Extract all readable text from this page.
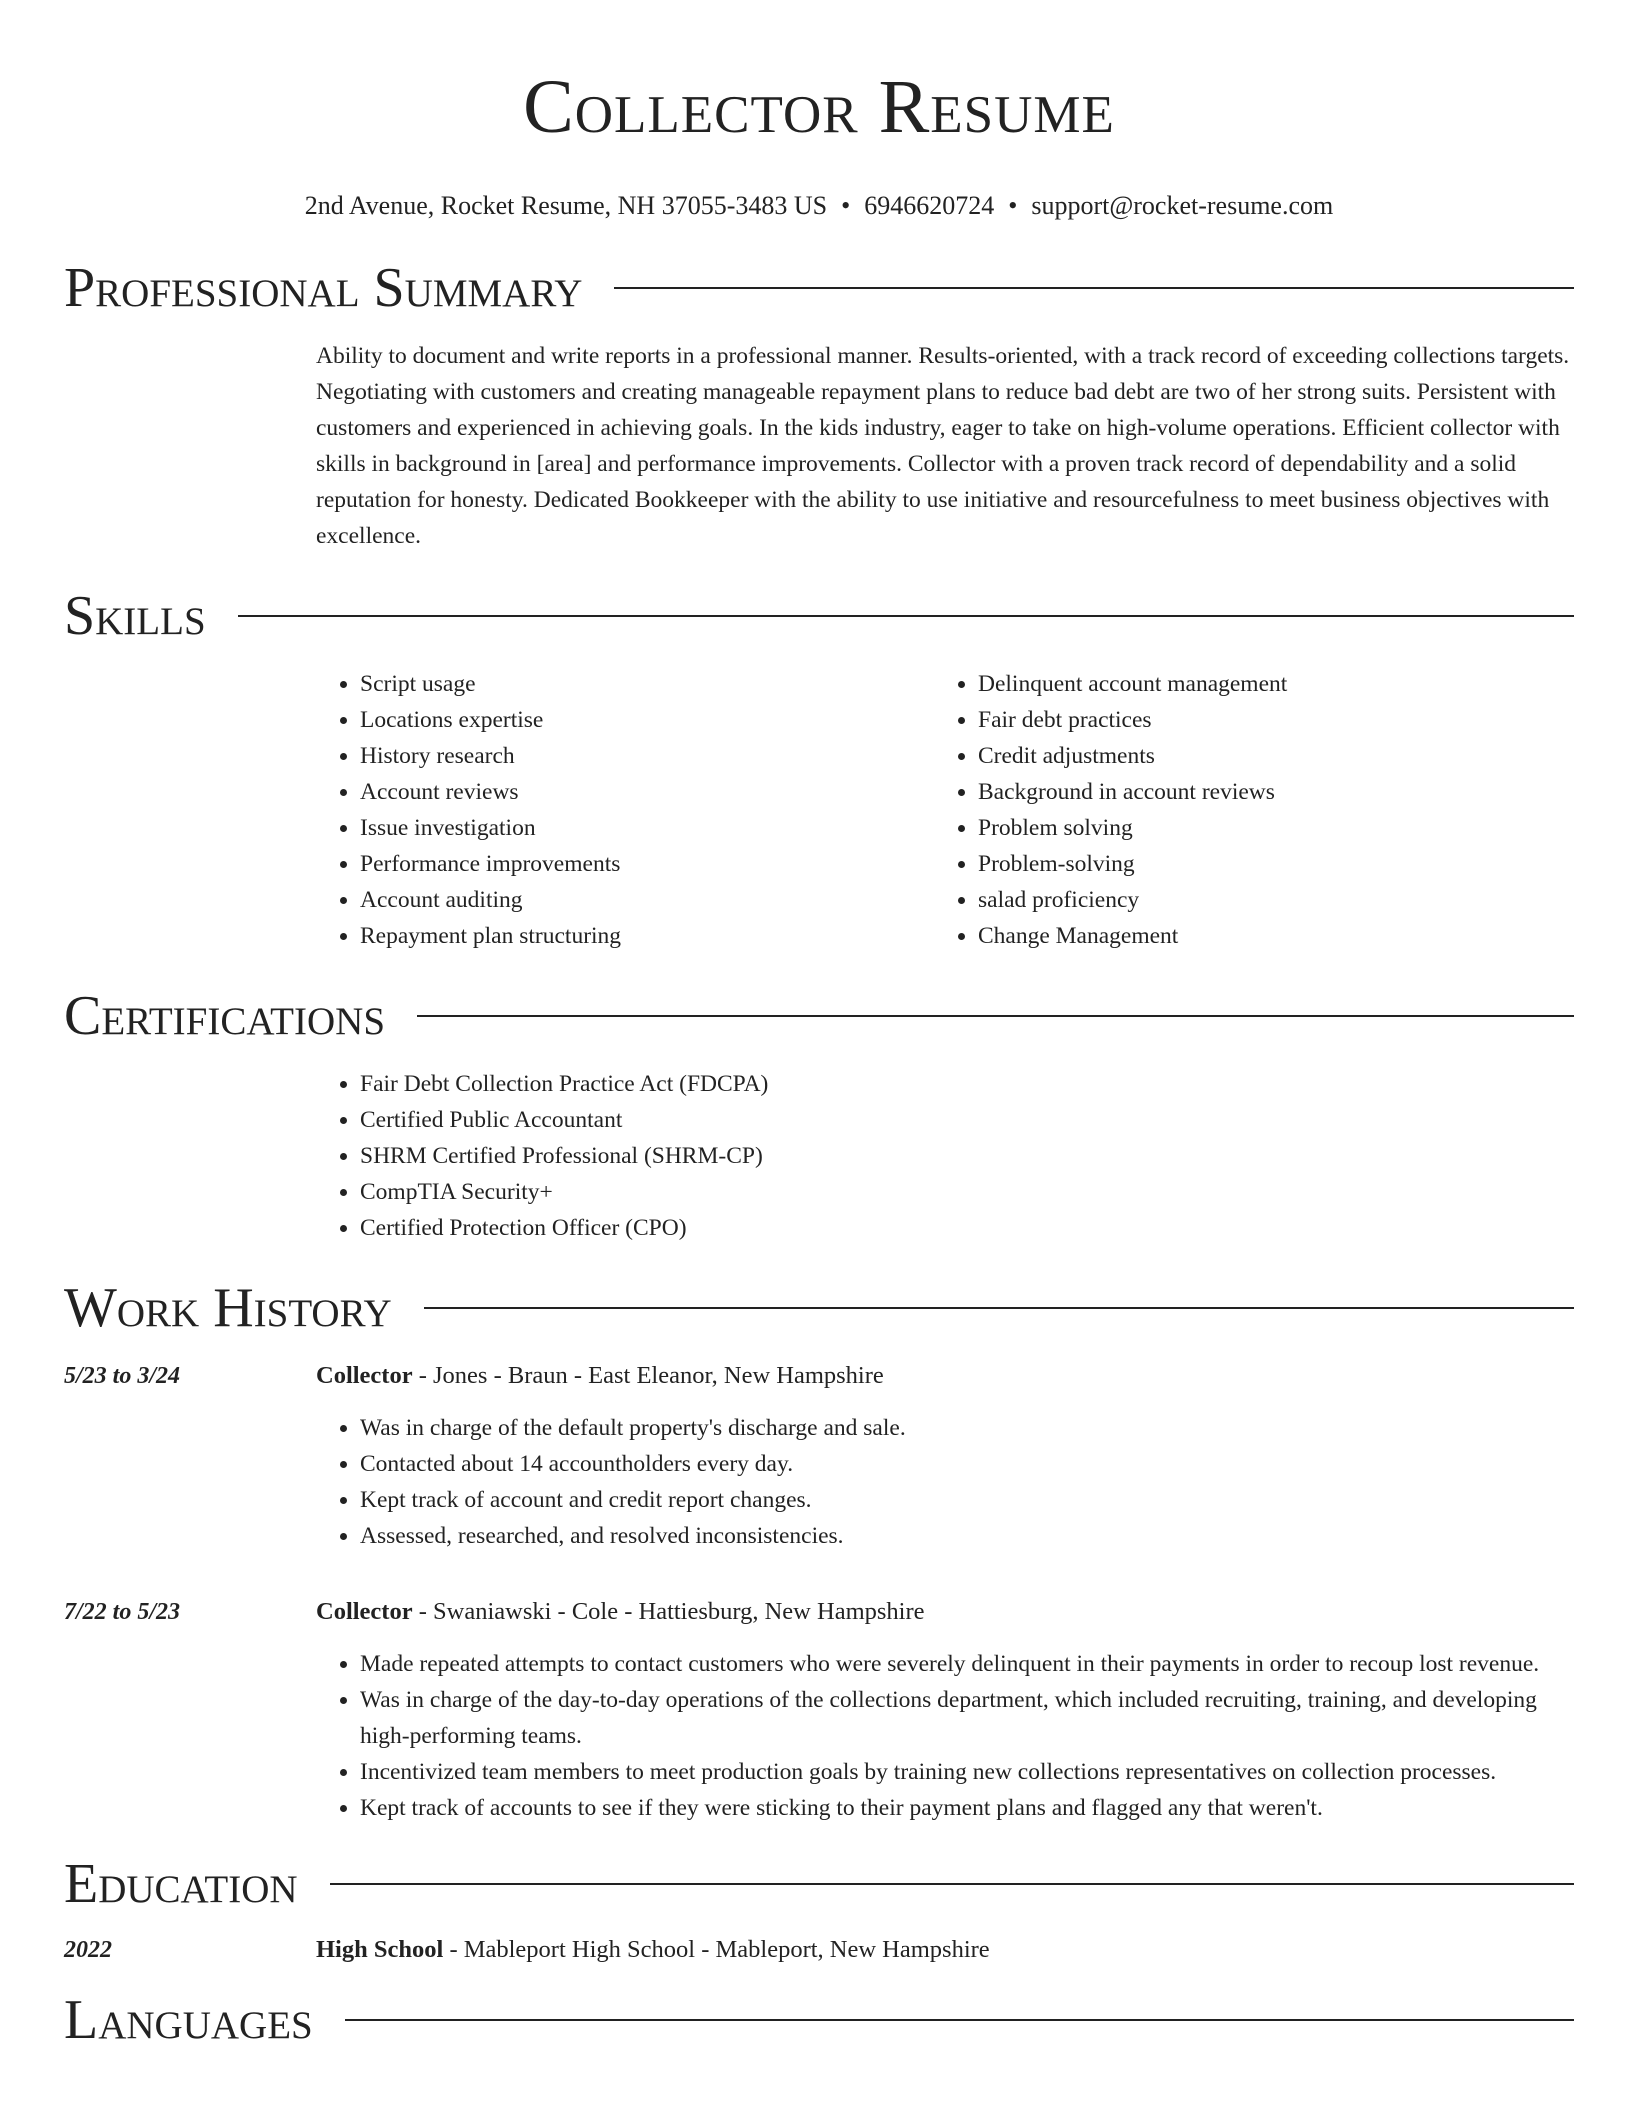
Collector Resume
2nd Avenue, Rocket Resume, NH 37055-3483 US • 6946620724 • support@rocket-resume.com
Professional Summary
Ability to document and write reports in a professional manner. Results-oriented, with a track record of exceeding collections targets. Negotiating with customers and creating manageable repayment plans to reduce bad debt are two of her strong suits. Persistent with customers and experienced in achieving goals. In the kids industry, eager to take on high-volume operations. Efficient collector with skills in background in [area] and performance improvements. Collector with a proven track record of dependability and a solid reputation for honesty. Dedicated Bookkeeper with the ability to use initiative and resourcefulness to meet business objectives with excellence.
Skills
• Script usage
• Locations expertise
• History research
• Account reviews
• Issue investigation
• Performance improvements
• Account auditing
• Repayment plan structuring
• Delinquent account management
• Fair debt practices
• Credit adjustments
• Background in account reviews
• Problem solving
• Problem-solving
• salad proficiency
• Change Management
Certifications
• Fair Debt Collection Practice Act (FDCPA)
• Certified Public Accountant
• SHRM Certified Professional (SHRM-CP)
• CompTIA Security+
• Certified Protection Officer (CPO)
Work History
5/23 to 3/24	Collector - Jones - Braun - East Eleanor, New Hampshire
• Was in charge of the default property's discharge and sale.
• Contacted about 14 accountholders every day.
• Kept track of account and credit report changes.
• Assessed, researched, and resolved inconsistencies.
7/22 to 5/23	Collector - Swaniawski - Cole - Hattiesburg, New Hampshire
• Made repeated attempts to contact customers who were severely delinquent in their payments in order to recoup lost revenue.
• Was in charge of the day-to-day operations of the collections department, which included recruiting, training, and developing high-performing teams.
• Incentivized team members to meet production goals by training new collections representatives on collection processes.
• Kept track of accounts to see if they were sticking to their payment plans and flagged any that weren't.
Education
2022	High School - Mableport High School - Mableport, New Hampshire
Languages
